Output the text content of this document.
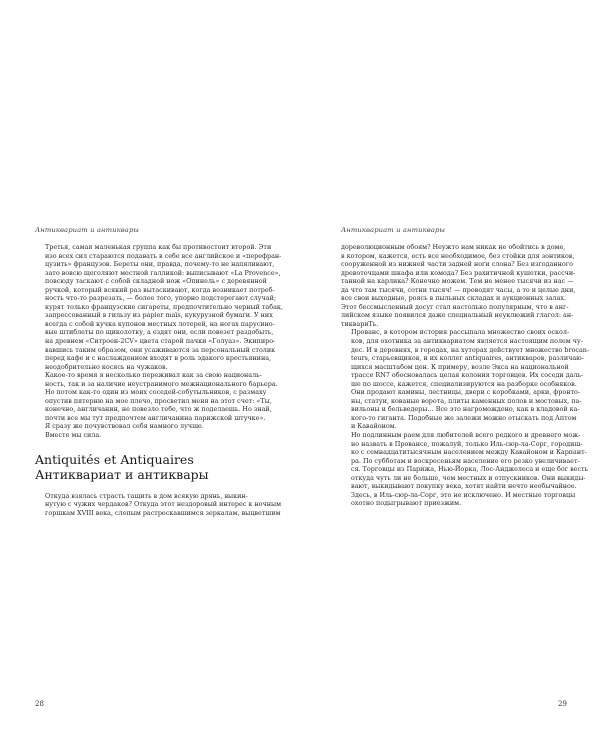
Антиквариат и антиквары

Третья, самая маленькая группа как бы противостоит второй. Эти
изо всех сил стараются подавать в себе все английское и «перефран-
цузить» французов. Береты они, правда, почему-то не напяливают,
зато вовсю щеголяют местной галликой: выписывают «La Provence»,
повсюду таскают с собой складной нож «Опинель» с деревянной
ручкой, который всякий раз вытаскивают, когда возникает потреб-
ность что-то разрезать, — более того, упорно подстерегают случай;
курят только французские сигареты, предпочтительно черный табак,
запрессованный в гильзу из papier maïs, кукурузной бумаги. У них
всегда с собой кучка купонов местных лотерей, на ногах парусино-
вые штиблеты по щиколотку, а ездят они, если повезет раздобыть,
на древнем «Ситроен-2CV» цвета старой пачки «Голуаз». Экипиро-
вавшись таким образом, они усаживаются за персональный столик
перед кафе и с наслаждением входят в роль эдакого крестьянина,
неодобрительно косясь на чужаков.

Какое-то время я несколько переживал как за свою националь-
ность, так и за наличие неустранимого межнационального барьера.
Но потом как-то один из моих соседей-собутыльников, с размаху
опустив пятерню на мое плечо, просветил меня на этот счет: «Ты,
конечно, англичанин, не повезло тебе, что ж поделаешь. Но знай,
почти все мы тут предпочтем англичанина парижской штучке».

Я сразу же почувствовал себя намного лучше.

Вместе мы сила.

Antiquités et Antiquaires
Антиквариат и антиквары

Откуда взялась страсть тащить в дом всякую дрянь, выкин-
нутую с чужих чердаков? Откуда этот нездоровый интерес к ночным
горшкам XVIII века, слепым растрескавшимся зеркалам, выцветшим

28
Антиквариат и антиквары

дореволюционным обоям? Неужто нам никак не обойтись в доме,
в котором, кажется, есть все необходимое, без стойки для зонтиков,
сооруженной из нижней части задней ноги слона? Без изгоданного
древоточцами шкафа или комода? Без рахитичной кушетки, рассчи-
танной на карлика? Конечно можем. Тем не менее тысячи из нас —
да что там тысячи, сотни тысяч! — проводят часы, а то и целые дни,
все свои выходные, роясь в пыльных складах и аукционных залах.
Этот бессмысленный досуг стал настолько популярным, что в анг-
лийском языке появился даже специальный неуклюжий глагол: ан-
тиквариТь.

Прованс, в котором история рассыпала множество своих оскол-
ков, для охотника за антиквариатом является настоящим полем чу-
дес. И в деревнях, в городах, на хуторах действует множество brocan-
teurs, старьевщиков, и их коллег antiquaires, антикваров, различаю-
щихся масштабом цен. К примеру, возле Экса на национальной
трассе RN7 обосновалась целая колония торговцев. Их соседи даль-
ше по шоссе, кажется, специализируются на разборке особняков.
Они продают камины, лестницы, двери с коробками, арки, фронто-
ны, статуи, кованые ворота, плиты каменных полов и мостовых, па-
вильоны и бельведеры… Все это нагромождено, как в кладовой ка-
кого-то гиганта. Подобные же залежи можно отыскать под Аптом
и Кавайоном.

Но подлинным раем для любителей всего редкого и древнего мож-
но назвать в Провансе, пожалуй, только Иль-сюр-ла-Сорг, городиш-
ко с семнадцатитысячным населением между Кавайоном и Карпант-
ра. По субботам и воскресеньям население его резко увеличивает-
ся. Торговцы из Парижа, Нью-Йорка, Лос-Анджелеса и еще бог весть
откуда чуть ли не больше, чем местных и отпускников. Они выкиды-
вают, выкидывают покупку века, хотят найти нечто необычайное.
Здесь, в Иль-сюр-ла-Сорг, это не исключено. И местные торговцы
охотно подыгрывают приезжим.

29
